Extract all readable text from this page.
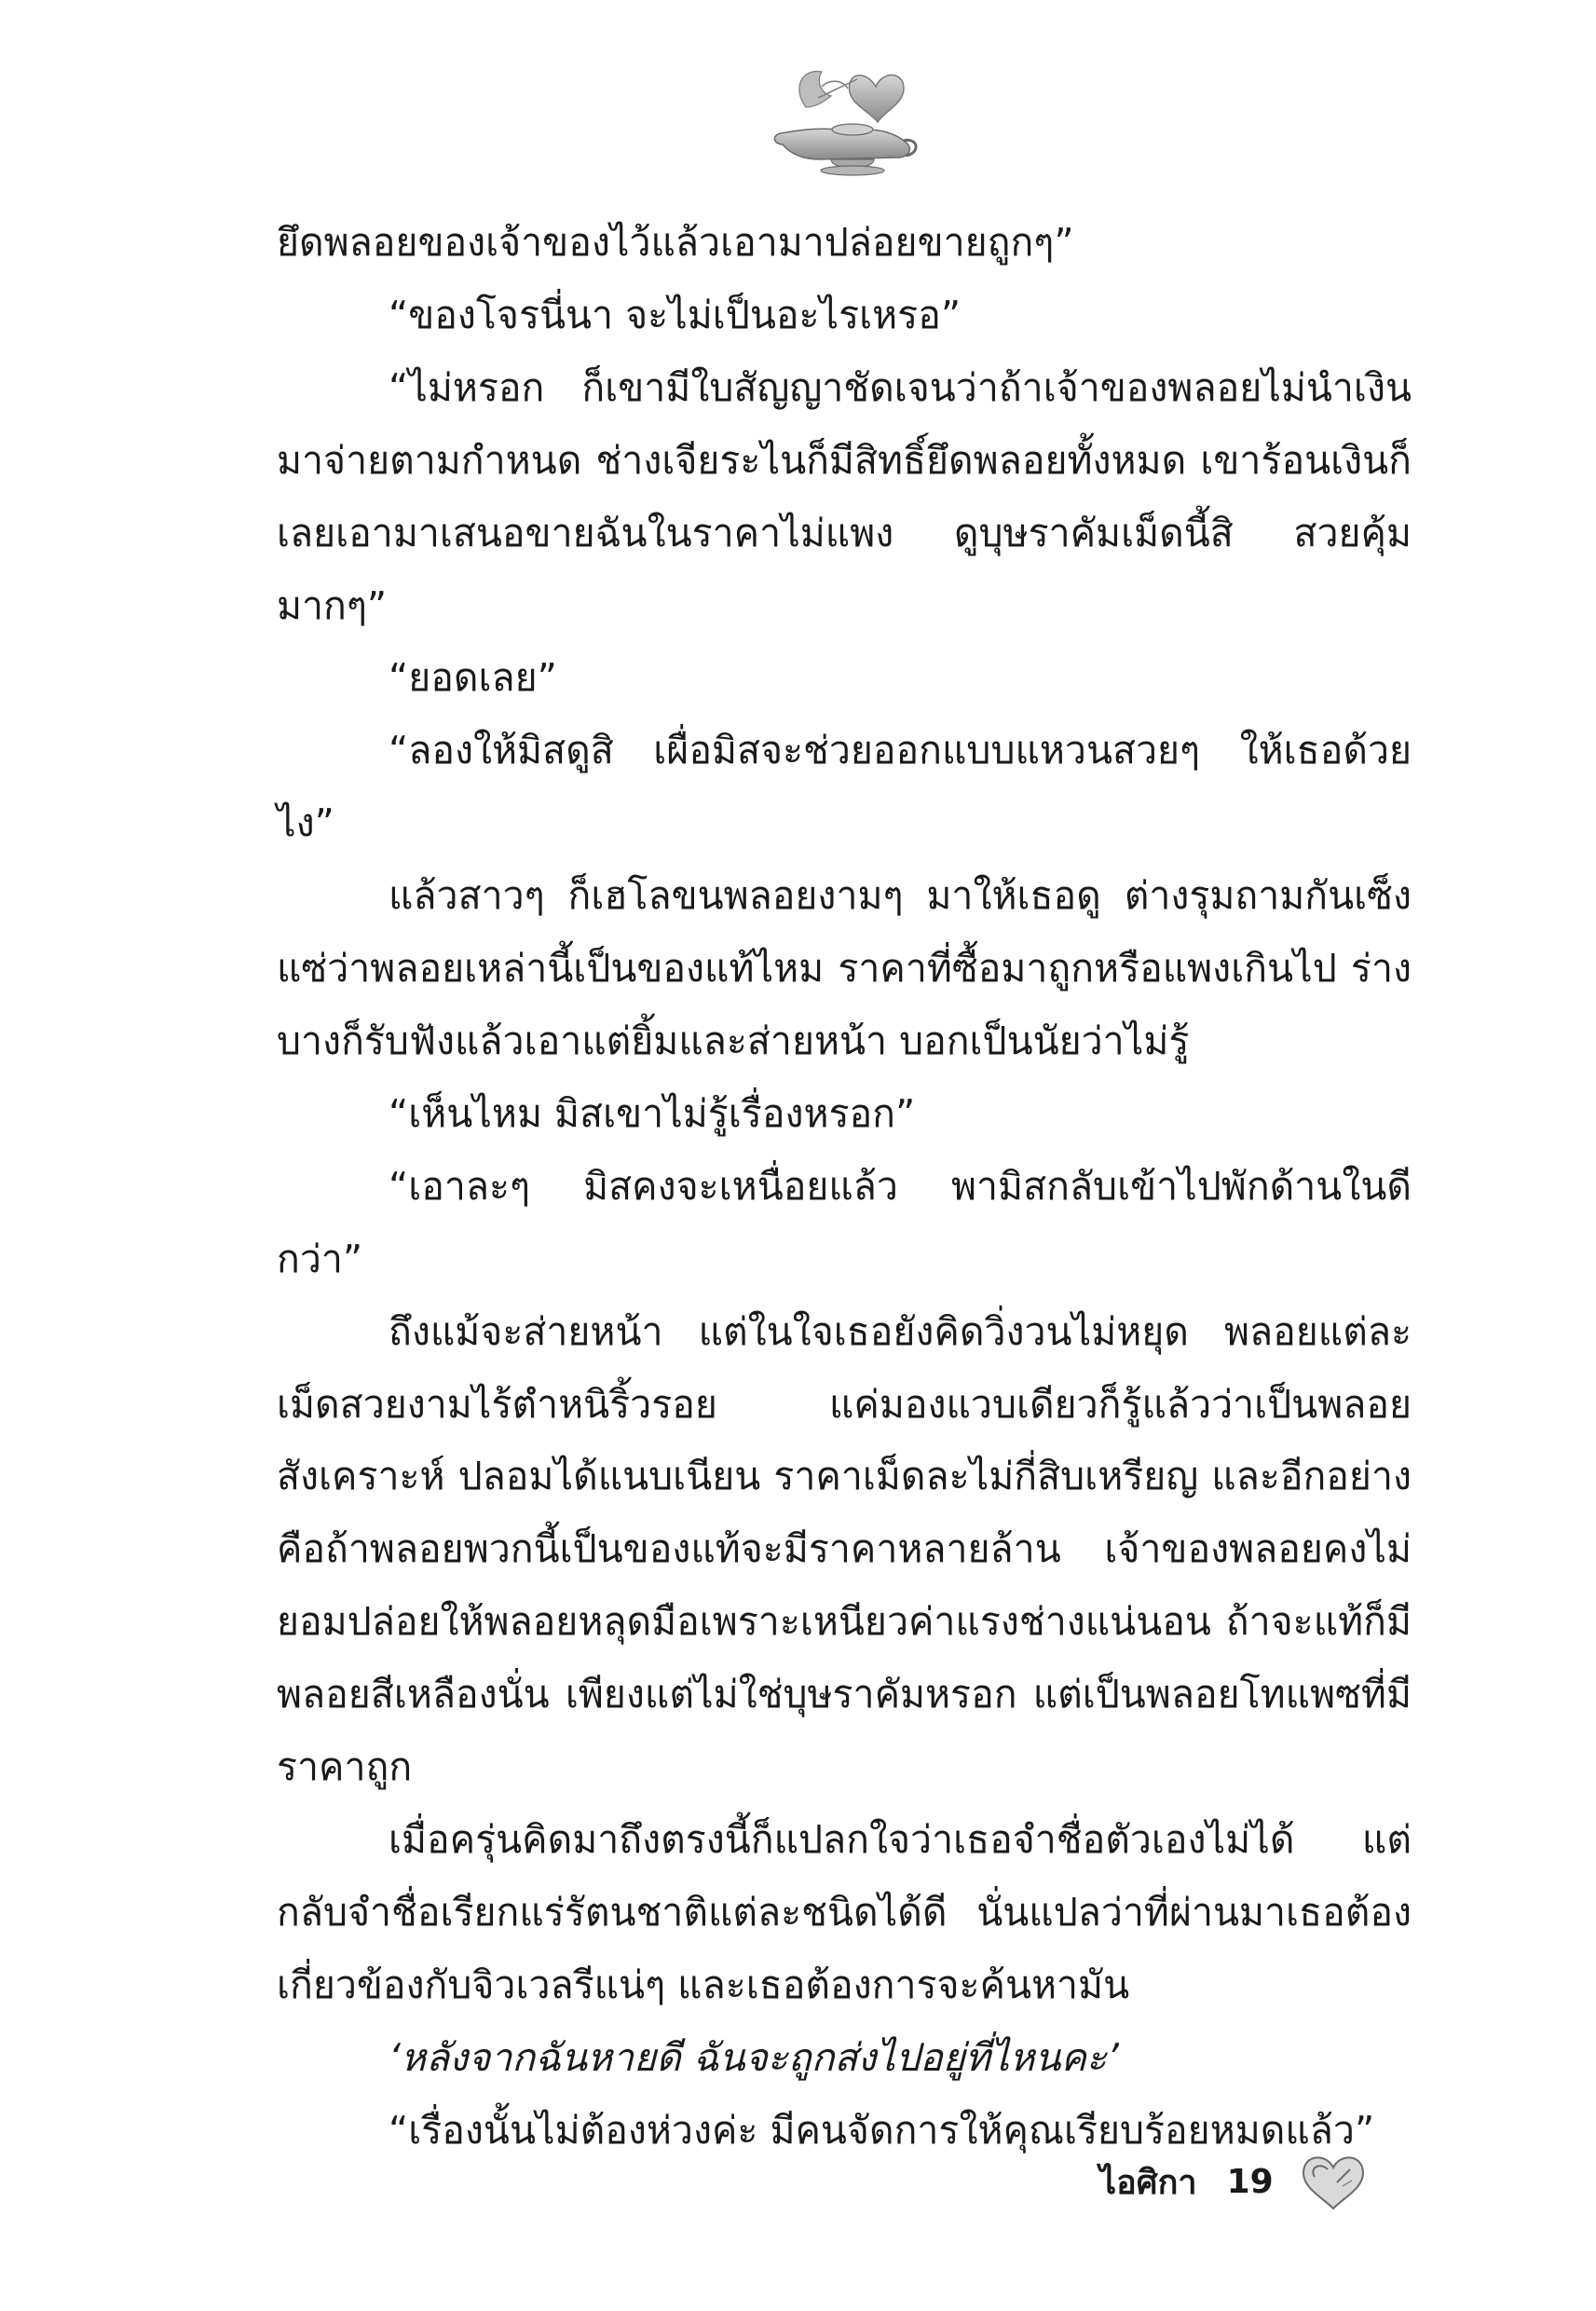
ยึดพลอยของเจ้าของไว้แล้วเอามาปล่อยขายถูกๆ”

“ของโจรนี่นา จะไม่เป็นอะไรเหรอ”

“ไม่หรอก ก็เขามีใบสัญญาชัดเจนว่าถ้าเจ้าของพลอยไม่นำเงินมาจ่ายตามกำหนด ช่างเจียระไนก็มีสิทธิ์ยึดพลอยทั้งหมด เขาร้อนเงินก็เลยเอามาเสนอขายฉันในราคาไม่แพง ดูบุษราคัมเม็ดนี้สิ สวยคุ้มมากๆ”

“ยอดเลย”

“ลองให้มิสดูสิ เผื่อมิสจะช่วยออกแบบแหวนสวยๆ ให้เธอด้วยไง”

แล้วสาวๆ ก็เฮโลขนพลอยงามๆ มาให้เธอดู ต่างรุมถามกันเซ็งแซ่ว่าพลอยเหล่านี้เป็นของแท้ไหม ราคาที่ซื้อมาถูกหรือแพงเกินไป ร่างบางก็รับฟังแล้วเอาแต่ยิ้มและส่ายหน้า บอกเป็นนัยว่าไม่รู้

“เห็นไหม มิสเขาไม่รู้เรื่องหรอก”

“เอาละๆ มิสคงจะเหนื่อยแล้ว พามิสกลับเข้าไปพักด้านในดีกว่า”

ถึงแม้จะส่ายหน้า แต่ในใจเธอยังคิดวิ่งวนไม่หยุด พลอยแต่ละเม็ดสวยงามไร้ตำหนิริ้วรอย แค่มองแวบเดียวก็รู้แล้วว่าเป็นพลอยสังเคราะห์ ปลอมได้แนบเนียน ราคาเม็ดละไม่กี่สิบเหรียญ และอีกอย่างคือถ้าพลอยพวกนี้เป็นของแท้จะมีราคาหลายล้าน เจ้าของพลอยคงไม่ยอมปล่อยให้พลอยหลุดมือเพราะเหนียวค่าแรงช่างแน่นอน ถ้าจะแท้ก็มีพลอยสีเหลืองนั่น เพียงแต่ไม่ใช่บุษราคัมหรอก แต่เป็นพลอยโทแพซที่มีราคาถูก

เมื่อครุ่นคิดมาถึงตรงนี้ก็แปลกใจว่าเธอจำชื่อตัวเองไม่ได้ แต่กลับจำชื่อเรียกแร่รัตนชาติแต่ละชนิดได้ดี นั่นแปลว่าที่ผ่านมาเธอต้องเกี่ยวข้องกับจิวเวลรีแน่ๆ และเธอต้องการจะค้นหามัน

‘หลังจากฉันหายดี ฉันจะถูกส่งไปอยู่ที่ไหนคะ’

“เรื่องนั้นไม่ต้องห่วงค่ะ มีคนจัดการให้คุณเรียบร้อยหมดแล้ว”

ไอศิกา 19
